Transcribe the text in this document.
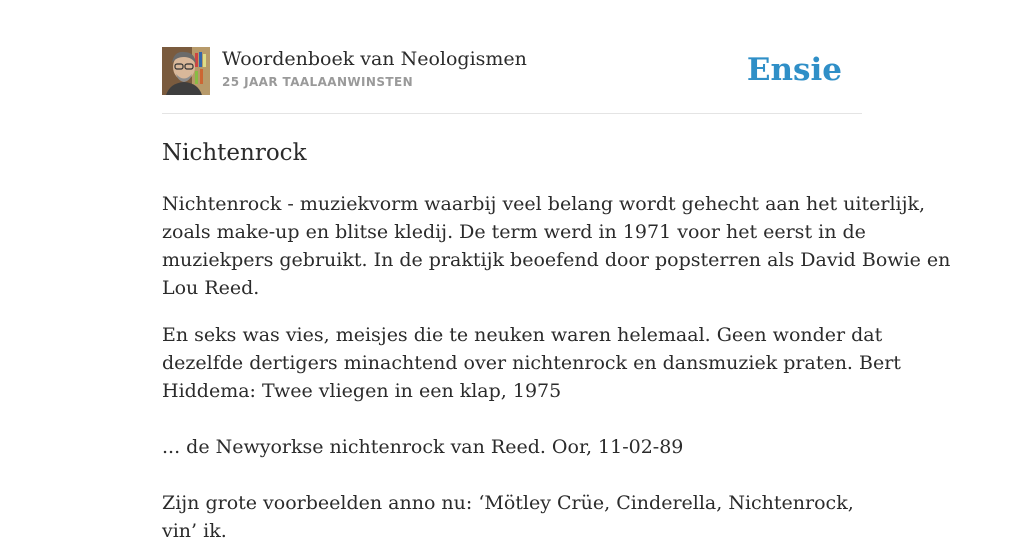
Woordenboek van Neologismen
25 JAAR TAALAANWINSTEN	Ensie
Nichtenrock
Nichtenrock - muziekvorm waarbij veel belang wordt gehecht aan het uiterlijk,
zoals make-up en blitse kledij. De term werd in 1971 voor het eerst in de
muziekpers gebruikt. In de praktijk beoefend door popsterren als David Bowie en
Lou Reed.
En seks was vies, meisjes die te neuken waren helemaal. Geen wonder dat
dezelfde dertigers minachtend over nichtenrock en dansmuziek praten. Bert
Hiddema: Twee vliegen in een klap, 1975
... de Newyorkse nichtenrock van Reed. Oor, 11-02-89
Zijn grote voorbeelden anno nu: ‘Mötley Crüe, Cinderella, Nichtenrock, vin’ ik.
